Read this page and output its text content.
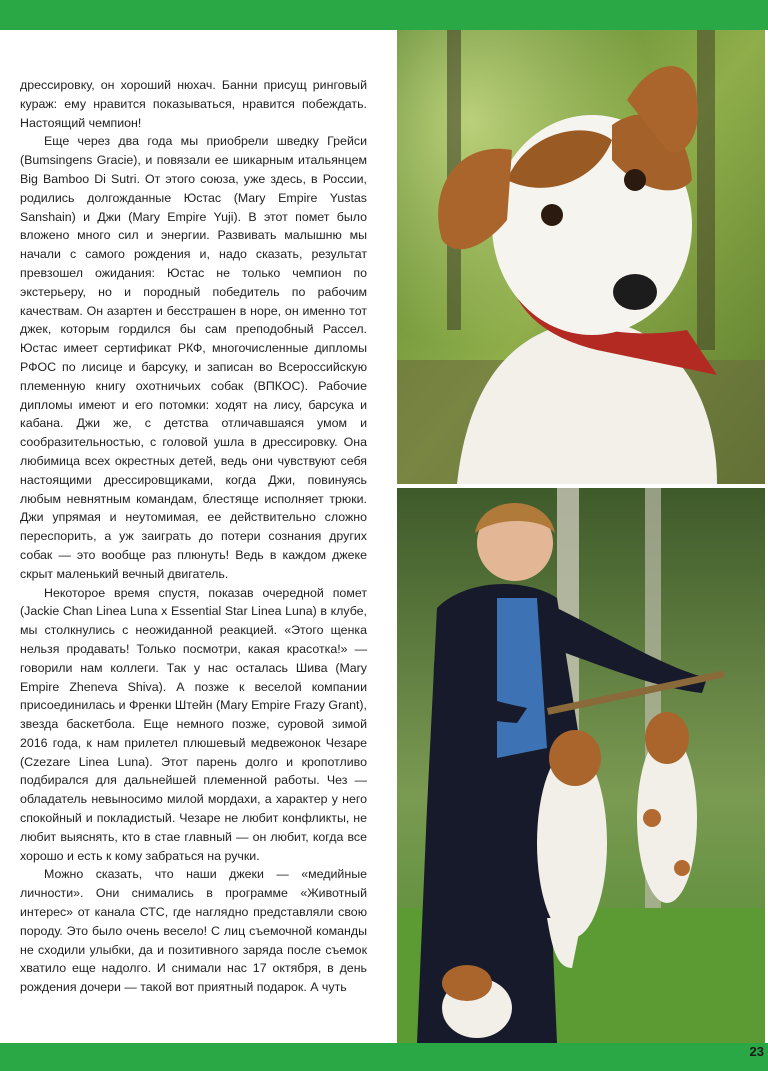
дрессировку, он хороший нюхач. Банни присущ ринговый кураж: ему нравится показываться, нравится побеждать. Настоящий чемпион!

Еще через два года мы приобрели шведку Грейси (Bumsingens Gracie), и повязали ее шикарным итальянцем Big Bamboo Di Sutri. От этого союза, уже здесь, в России, родились долгожданные Юстас (Mary Empire Yustas Sanshain) и Джи (Mary Empire Yuji). В этот помет было вложено много сил и энергии. Развивать малышню мы начали с самого рождения и, надо сказать, результат превзошел ожидания: Юстас не только чемпион по экстерьеру, но и породный победитель по рабочим качествам. Он азартен и бесстрашен в норе, он именно тот джек, которым гордился бы сам преподобный Рассел. Юстас имеет сертификат РКФ, многочисленные дипломы РФОС по лисице и барсуку, и записан во Всероссийскую племенную книгу охотничьих собак (ВПКОС). Рабочие дипломы имеют и его потомки: ходят на лису, барсука и кабана. Джи же, с детства отличавшаяся умом и сообразительностью, с головой ушла в дрессировку. Она любимица всех окрестных детей, ведь они чувствуют себя настоящими дрессировщиками, когда Джи, повинуясь любым невнятным командам, блестяще исполняет трюки. Джи упрямая и неутомимая, ее действительно сложно переспорить, а уж заиграть до потери сознания других собак — это вообще раз плюнуть! Ведь в каждом джеке скрыт маленький вечный двигатель.

Некоторое время спустя, показав очередной помет (Jackie Chan Linea Luna x Essential Star Linea Luna) в клубе, мы столкнулись с неожиданной реакцией. «Этого щенка нельзя продавать! Только посмотри, какая красотка!» — говорили нам коллеги. Так у нас осталась Шива (Mary Empire Zheneva Shiva). А позже к веселой компании присоединилась и Френки Штейн (Mary Empire Frazy Grant), звезда баскетбола. Еще немного позже, суровой зимой 2016 года, к нам прилетел плюшевый медвежонок Чезаре (Czezare Linea Luna). Этот парень долго и кропотливо подбирался для дальнейшей племенной работы. Чез — обладатель невыносимо милой мордахи, а характер у него спокойный и покладистый. Чезаре не любит конфликты, не любит выяснять, кто в стае главный — он любит, когда все хорошо и есть к кому забраться на ручки.

Можно сказать, что наши джеки — «медийные личности». Они снимались в программе «Животный интерес» от канала СТС, где наглядно представляли свою породу. Это было очень весело! С лиц съемочной команды не сходили улыбки, да и позитивного заряда после съемок хватило еще надолго. И снимали нас 17 октября, в день рождения дочери — такой вот приятный подарок. А чуть

23
